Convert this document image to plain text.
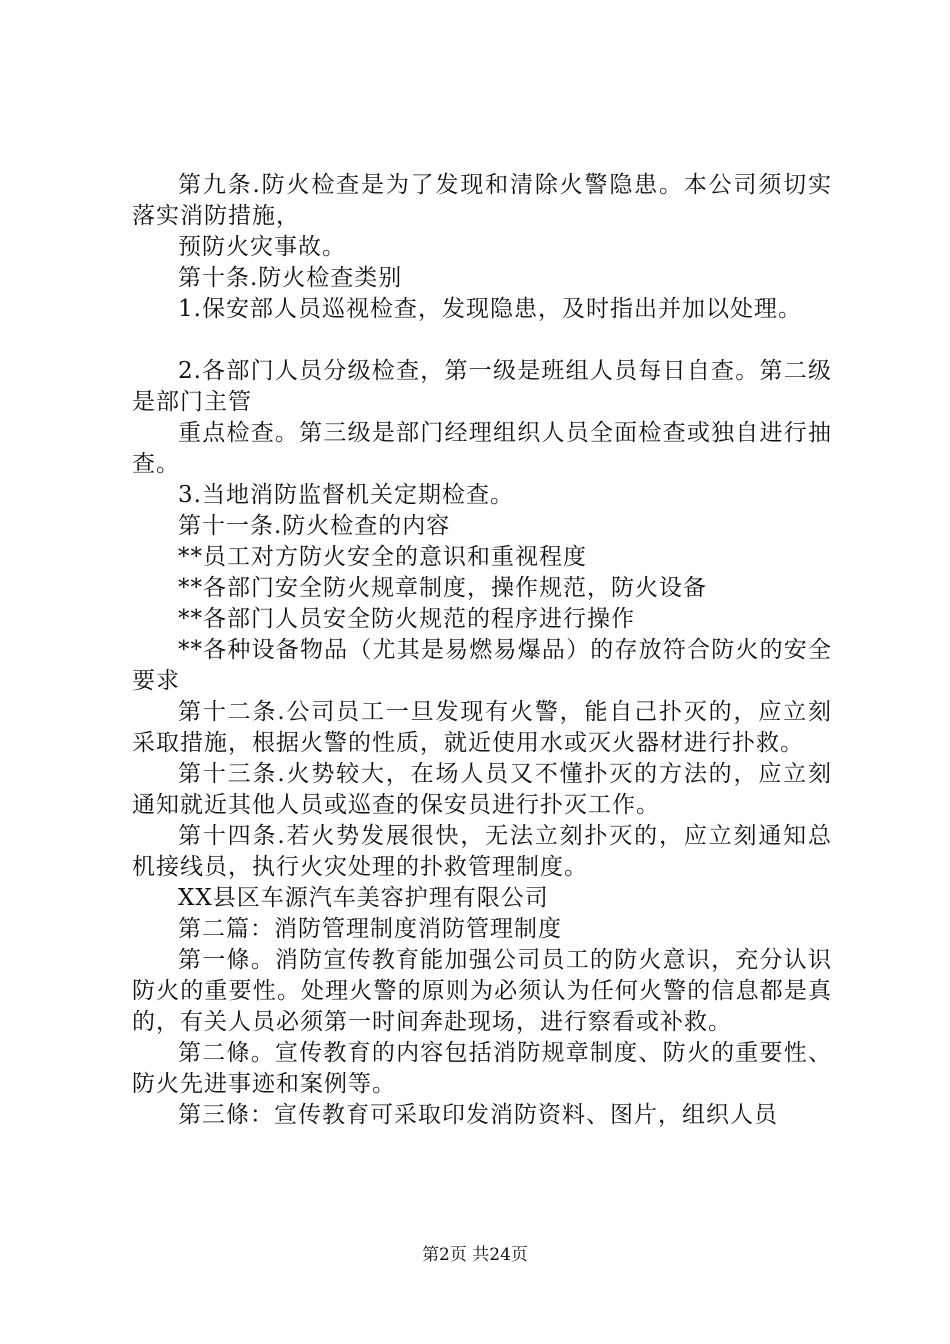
第九条.防火检查是为了发现和清除火警隐患。本公司须切实落实消防措施，

预防火灾事故。

第十条.防火检查类别

1.保安部人员巡视检查，发现隐患，及时指出并加以处理。

2.各部门人员分级检查，第一级是班组人员每日自查。第二级是部门主管

重点检查。第三级是部门经理组织人员全面检查或独自进行抽查。

3.当地消防监督机关定期检查。

第十一条.防火检查的内容

**员工对方防火安全的意识和重视程度

**各部门安全防火规章制度，操作规范，防火设备

**各部门人员安全防火规范的程序进行操作

**各种设备物品（尤其是易燃易爆品）的存放符合防火的安全要求

第十二条.公司员工一旦发现有火警，能自己扑灭的，应立刻采取措施，根据火警的性质，就近使用水或灭火器材进行扑救。

第十三条.火势较大，在场人员又不懂扑灭的方法的，应立刻通知就近其他人员或巡查的保安员进行扑灭工作。

第十四条.若火势发展很快，无法立刻扑灭的，应立刻通知总机接线员，执行火灾处理的扑救管理制度。

XX县区车源汽车美容护理有限公司

第二篇：消防管理制度消防管理制度

第一條。消防宣传教育能加强公司员工的防火意识，充分认识防火的重要性。处理火警的原则为必须认为任何火警的信息都是真的，有关人员必须第一时间奔赴现场，进行察看或补救。

第二條。宣传教育的内容包括消防规章制度、防火的重要性、防火先进事迹和案例等。

第三條：宣传教育可采取印发消防资料、图片，组织人员

第2页 共24页
